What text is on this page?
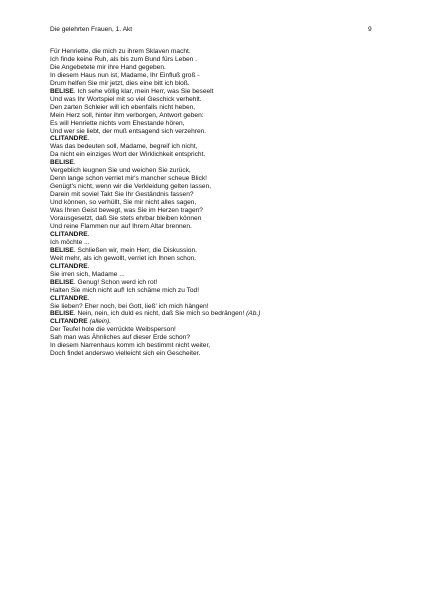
Die gelehrten Frauen, 1. Akt	9
Für Henriette, die mich zu ihrem Sklaven macht.
Ich finde keine Ruh, als bis zum Bund fürs Leben .
Die Angebetete mir ihre Hand gegeben.
In diesem Haus nun ist, Madame, Ihr Einfluß groß -
Drum helfen Sie mir jetzt, dies eine bitt ich bloß.
BELISE. Ich sehe völlig klar, mein Herr, was Sie beseelt
Und was Ihr Wortspiel mit so viel Geschick verhehlt.
Den zarten Schleier will ich ebenfalls nicht heben,
Mein Herz soll, hinter ihm verborgen, Antwort geben:
Es will Henriette nichts vom Ehestande hören,
Und wer sie liebt, der muß entsagend sich verzehren.
CLITANDRE.
Was das bedeuten soll, Madame, begreif ich nicht,
Da nicht ein einziges Wort der Wirklichkeit entspricht.
BELISE.
Vergeblich leugnen Sie und weichen Sie zurück,
Denn lange schon verriet mir's mancher scheue Blick!
Genügt's nicht, wenn wir die Verkleidung gelten lassen,
Darein mit soviel Takt Sie Ihr Geständnis fassen?
Und können, so verhüllt, Sie mir nicht alles sagen,
Was Ihren Geist bewegt, was Sie im Herzen tragen?
Vorausgesetzt, daß Sie stets ehrbar bleiben können
Und reine Flammen nur auf Ihrem Altar brennen.
CLITANDRE.
Ich möchte ...
BELISE. Schließen wir, mein Herr, die Diskussion.
Weit mehr, als ich gewollt, verriet ich Ihnen schon.
CLITANDRE.
Sie irren sich, Madame ...
BELISE. Genug! Schon werd ich rot!
Halten Sie mich nicht auf! Ich schäme mich zu Tod!
CLITANDRE.
Sie lieben? Eher noch, bei Gott, ließ' ich mich hängen!
BELISE. Nein, nein, ich duld es nicht, daß Sie mich so bedrängen! (Ab.)
CLITANDRE (allein).
Der Teufel hole die verrückte Weibsperson!
Sah man was Ähnliches auf dieser Erde schon?
In diesem Narrenhaus komm ich bestimmt nicht weiter,
Doch findet anderswo vielleicht sich ein Gescheiter.
